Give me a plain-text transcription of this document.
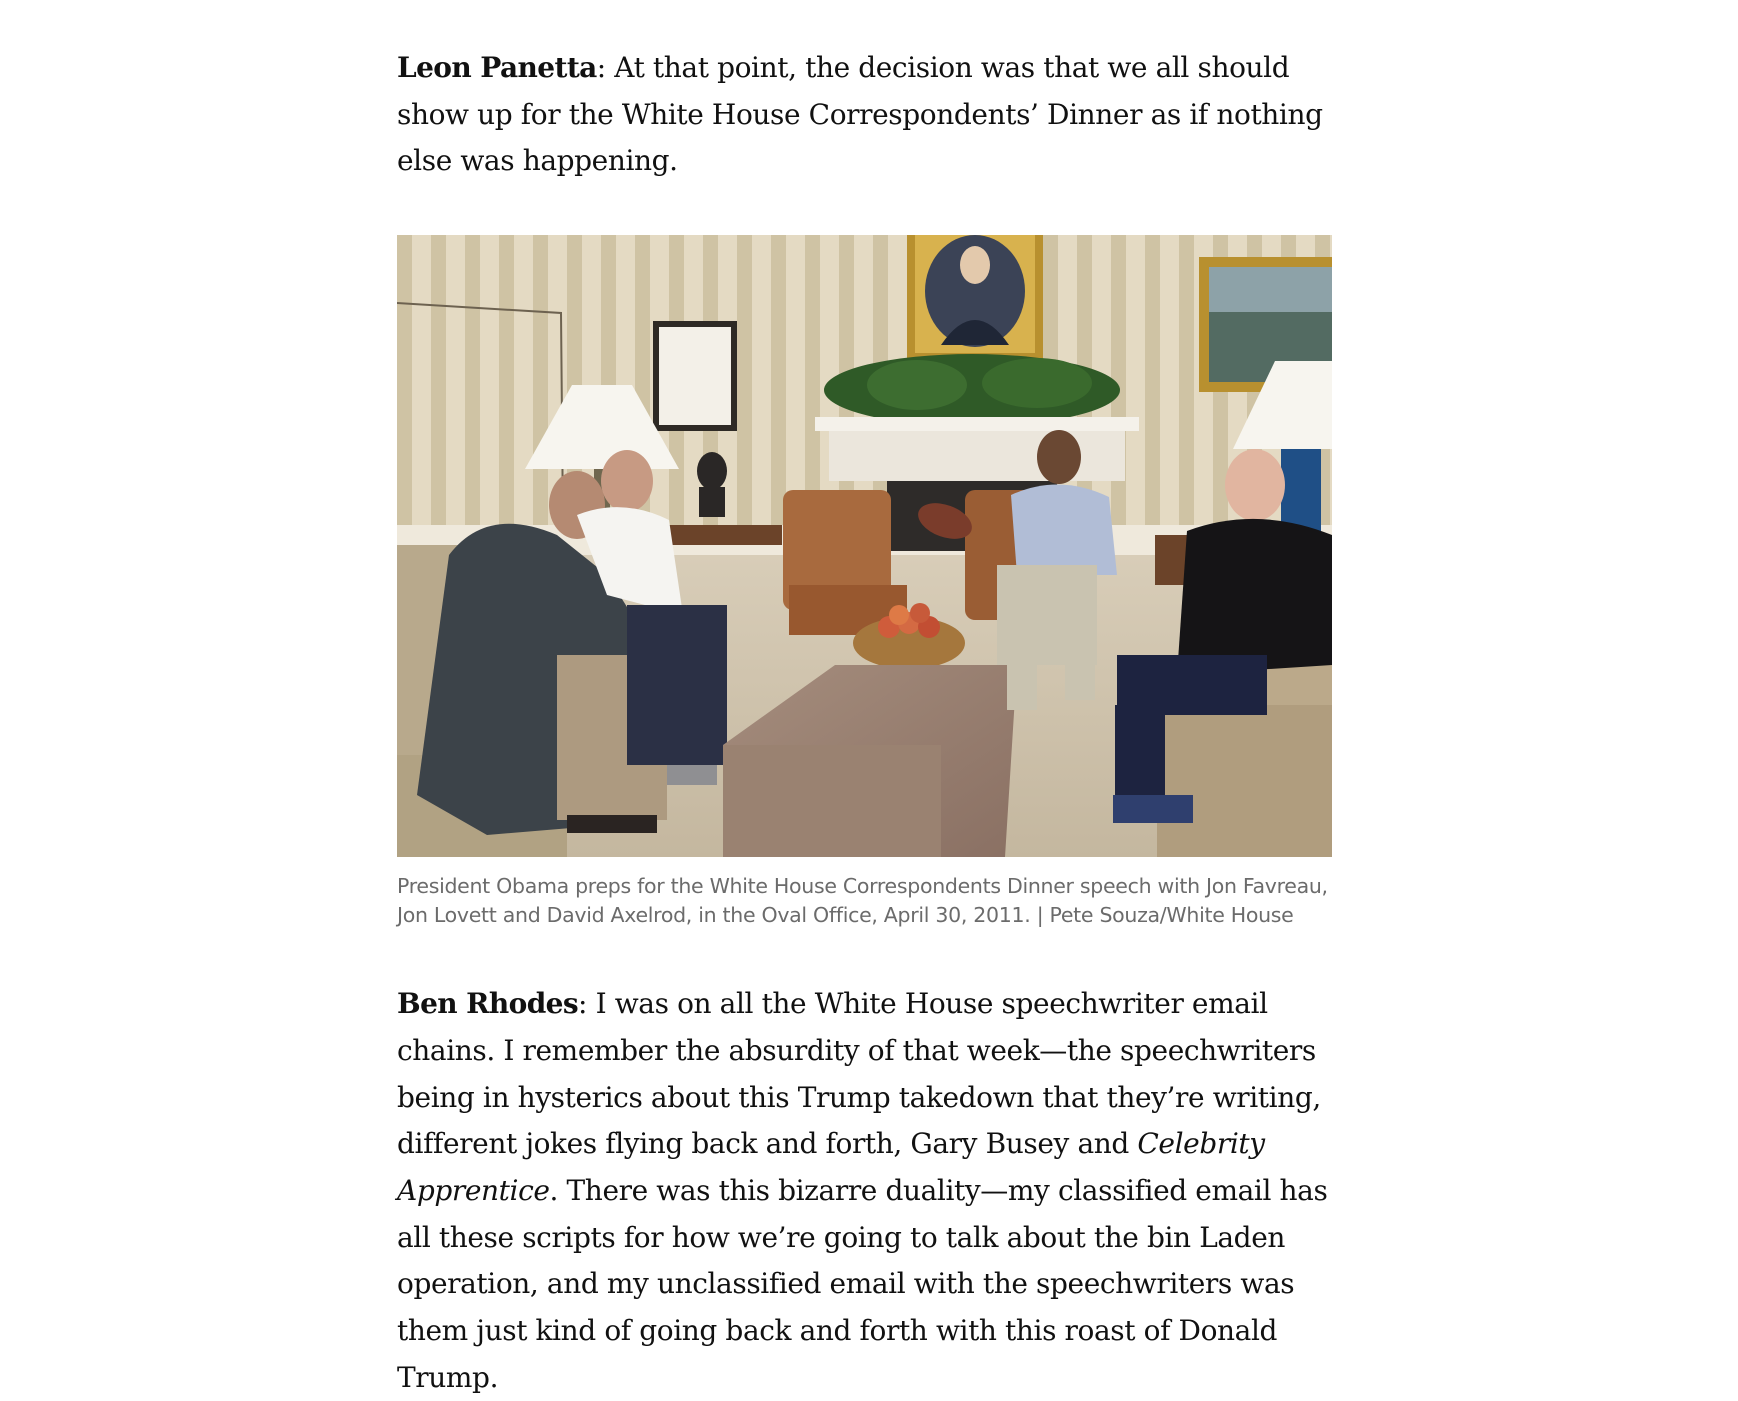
Leon Panetta: At that point, the decision was that we all should show up for the White House Correspondents’ Dinner as if nothing else was happening.

President Obama preps for the White House Correspondents Dinner speech with Jon Favreau, Jon Lovett and David Axelrod, in the Oval Office, April 30, 2011. | Pete Souza/White House

Ben Rhodes: I was on all the White House speechwriter email chains. I remember the absurdity of that week—the speechwriters being in hysterics about this Trump takedown that they’re writing, different jokes flying back and forth, Gary Busey and Celebrity Apprentice. There was this bizarre duality—my classified email has all these scripts for how we’re going to talk about the bin Laden operation, and my unclassified email with the speechwriters was them just kind of going back and forth with this roast of Donald Trump.
